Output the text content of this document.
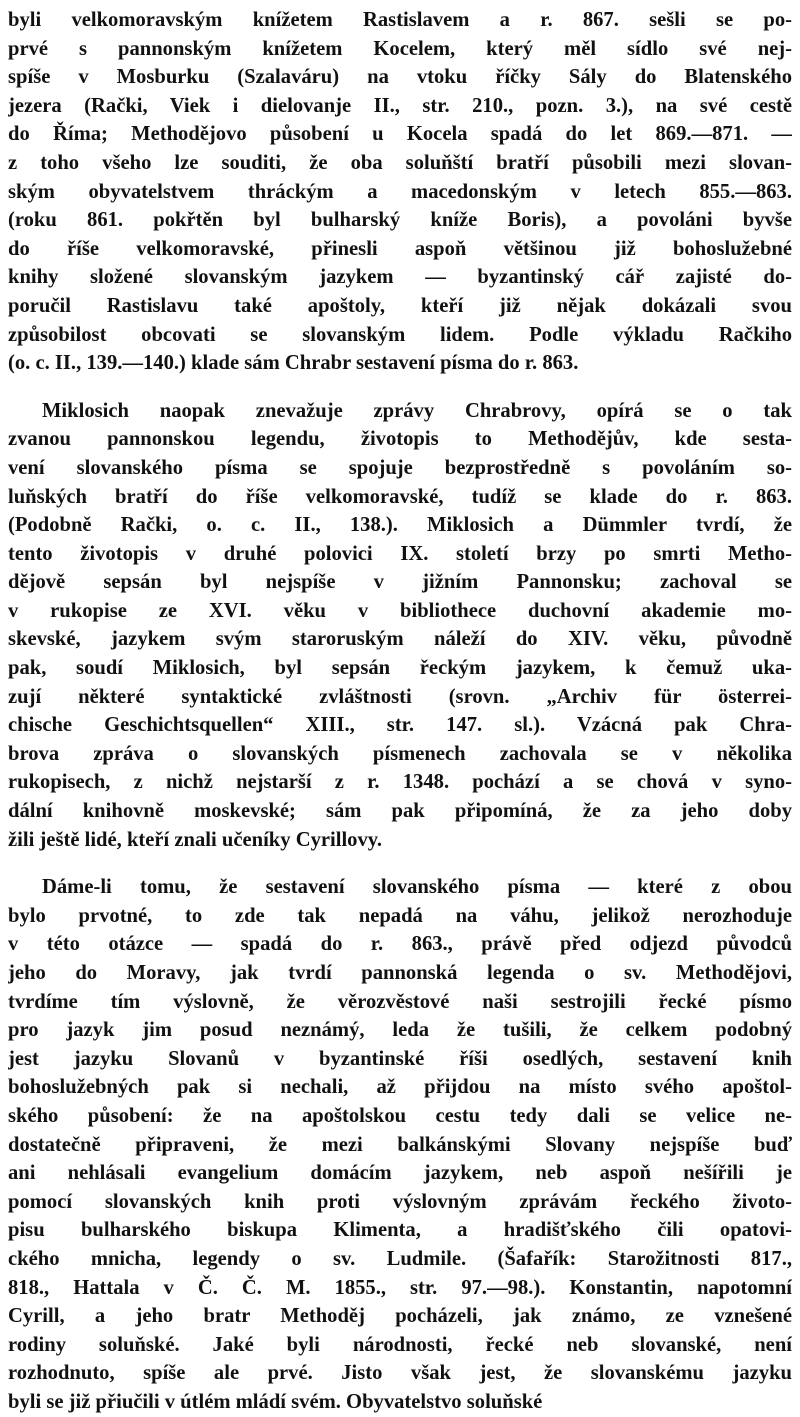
byli velkomoravským knížetem Rastislavem a r. 867. sešli se po-
prvé s pannonským knížetem Kocelem, který měl sídlo své nej-
spíše v Mosburku (Szalaváru) na vtoku říčky Sály do Blatenského
jezera (Rački, Viek i dielovanje II., str. 210., pozn. 3.), na své cestě
do Říma; Methodějovo působení u Kocela spadá do let 869.—871. —
z toho všeho lze souditi, že oba soluňští bratří působili mezi slovan-
ským obyvatelstvem thráckým a macedonským v letech 855.—863.
(roku 861. pokřtěn byl bulharský kníže Boris), a povoláni byvše
do říše velkomoravské, přinesli aspoň většinou již bohoslužebné
knihy složené slovanským jazykem — byzantinský cář zajisté do-
poručil Rastislavu také apoštoly, kteří již nějak dokázali svou
způsobilost obcovati se slovanským lidem. Podle výkladu Račkiho
(o. c. II., 139.—140.) klade sám Chrabr sestavení písma do r. 863.
Miklosich naopak znevažuje zprávy Chrabrovy, opírá se o tak
zvanou pannonskou legendu, životopis to Methodějův, kde sesta-
vení slovanského písma se spojuje bezprostředně s povoláním so-
luňských bratří do říše velkomoravské, tudíž se klade do r. 863.
(Podobně Rački, o. c. II., 138.). Miklosich a Dümmler tvrdí, že
tento životopis v druhé polovici IX. století brzy po smrti Metho-
dějově sepsán byl nejspíše v jižním Pannonsku; zachoval se
v rukopise ze XVI. věku v bibliothece duchovní akademie mo-
skevské, jazykem svým staroruským náleží do XIV. věku, původně
pak, soudí Miklosich, byl sepsán řeckým jazykem, k čemuž uka-
zují některé syntaktické zvláštnosti (srovn. „Archiv für österrei-
chische Geschichtsquellen“ XIII., str. 147. sl.). Vzácná pak Chra-
brova zpráva o slovanských písmenech zachovala se v několika
rukopisech, z nichž nejstarší z r. 1348. pochází a se chová v syno-
dální knihovně moskevské; sám pak připomíná, že za jeho doby
žili ještě lidé, kteří znali učeníky Cyrillovy.
Dáme-li tomu, že sestavení slovanského písma — které z obou
bylo prvotné, to zde tak nepadá na váhu, jelikož nerozhoduje
v této otázce — spadá do r. 863., právě před odjezd původců
jeho do Moravy, jak tvrdí pannonská legenda o sv. Methodějovi,
tvrdíme tím výslovně, že věrozvěstové naši sestrojili řecké písmo
pro jazyk jim posud neznámý, leda že tušili, že celkem podobný
jest jazyku Slovanů v byzantinské říši osedlých, sestavení knih
bohoslužebných pak si nechali, až přijdou na místo svého apoštol-
ského působení: že na apoštolskou cestu tedy dali se velice ne-
dostatečně připraveni, že mezi balkánskými Slovany nejspíše buď
ani nehlásali evangelium domácím jazykem, neb aspoň nešířili je
pomocí slovanských knih proti výslovným zprávám řeckého životo-
pisu bulharského biskupa Klimenta, a hradišťského čili opatovi-
ckého mnicha, legendy o sv. Ludmile. (Šafařík: Starožitnosti 817.,
818., Hattala v Č. Č. M. 1855., str. 97.—98.). Konstantin, napotomní
Cyrill, a jeho bratr Methoděj pocházeli, jak známo, ze vznešené
rodiny soluňské. Jaké byli národnosti, řecké neb slovanské, není
rozhodnuto, spíše ale prvé. Jisto však jest, že slovanskému jazyku
byli se již přiučili v útlém mládí svém. Obyvatelstvo soluňské
